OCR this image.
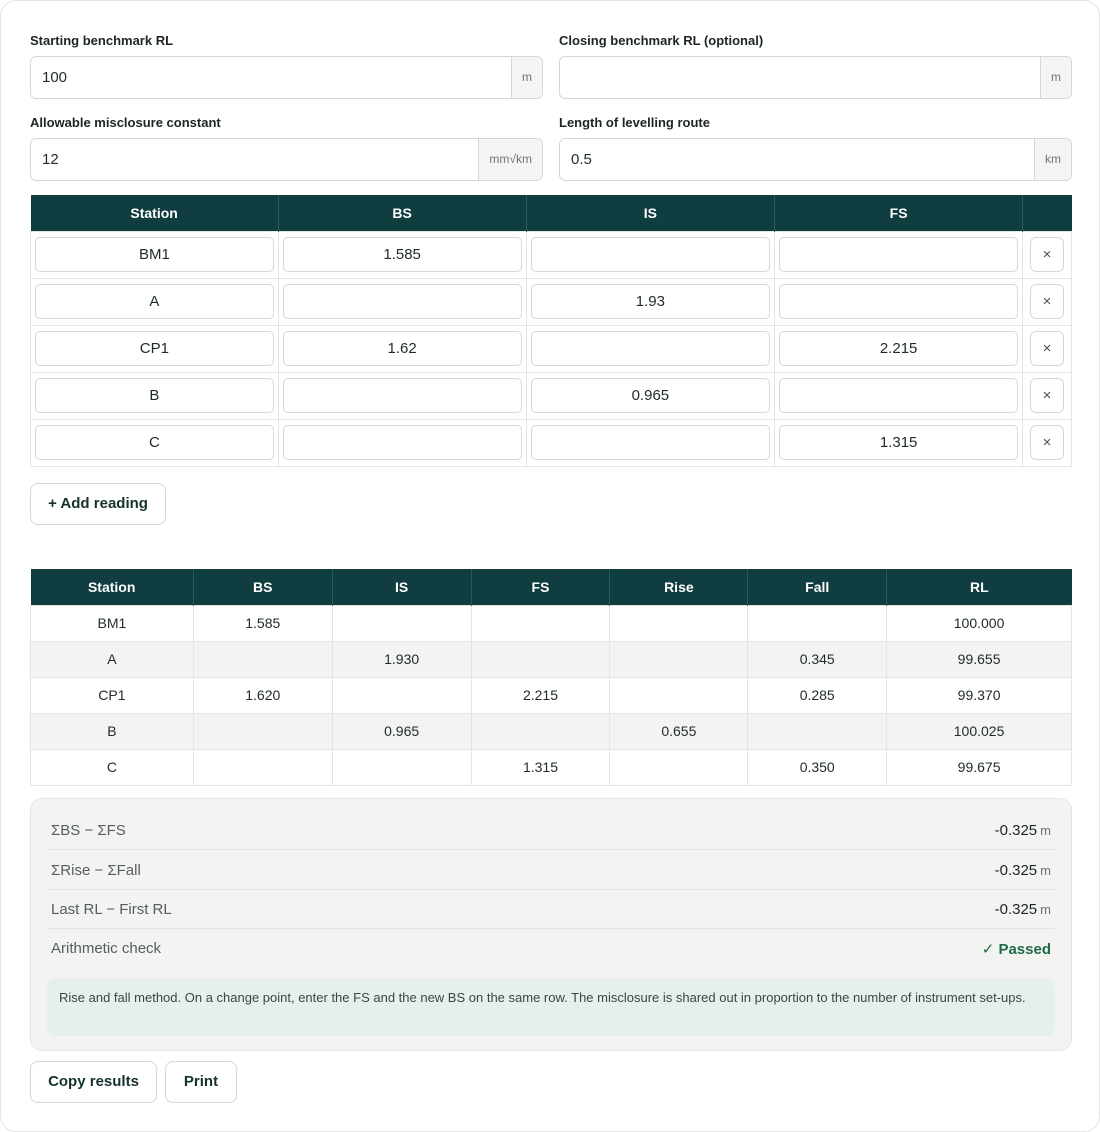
Starting benchmark RL
100	m
Closing benchmark RL (optional)
m
Allowable misclosure constant
12	mm√km
Length of levelling route
0.5	km
Station	BS	IS	FS	

BM1	1.585			×

A		1.93		×

CP1	1.62		2.215	×

B		0.965		×

C			1.315	×
+ Add reading
Station	BS	IS	FS	Rise	Fall	RL
BM1	1.585					100.000
A		1.930			0.345	99.655
CP1	1.620		2.215		0.285	99.370
B		0.965		0.655		100.025
C			1.315		0.350	99.675
ΣBS − ΣFS	-0.325 m
ΣRise − ΣFall	-0.325 m
Last RL − First RL	-0.325 m
Arithmetic check	✓ Passed
Rise and fall method. On a change point, enter the FS and the new BS on the same row. The misclosure is shared out in proportion to the number of instrument set-ups.
Copy results	Print
